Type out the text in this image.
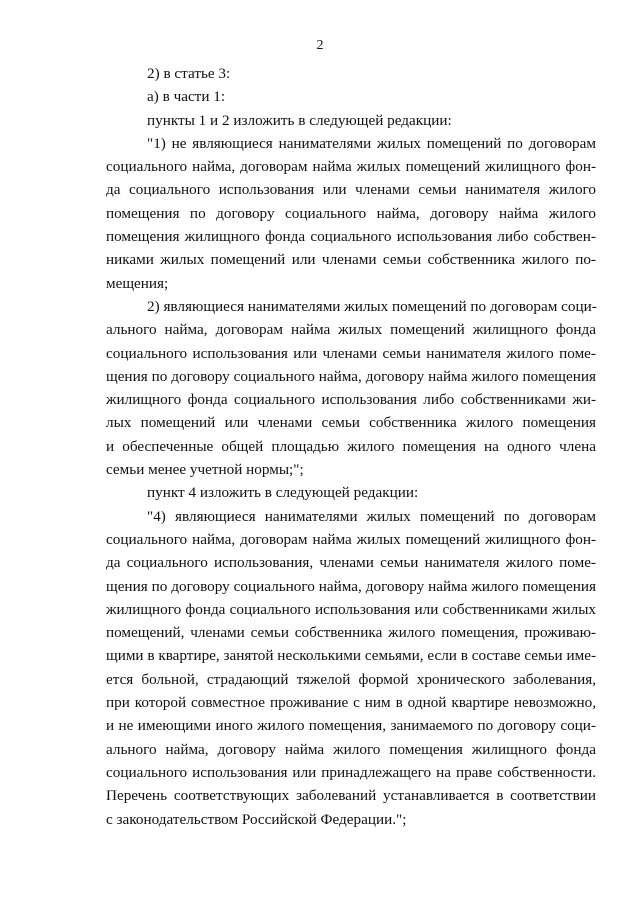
2
2) в статье 3:
а) в части 1:
пункты 1 и 2 изложить в следующей редакции:
"1) не являющиеся нанимателями жилых помещений по договорам
социального найма, договорам найма жилых помещений жилищного фон-
да социального использования или членами семьи нанимателя жилого
помещения по договору социального найма, договору найма жилого
помещения жилищного фонда социального использования либо собствен-
никами жилых помещений или членами семьи собственника жилого по-
мещения;
2) являющиеся нанимателями жилых помещений по договорам соци-
ального найма, договорам найма жилых помещений жилищного фонда
социального использования или членами семьи нанимателя жилого поме-
щения по договору социального найма, договору найма жилого помещения
жилищного фонда социального использования либо собственниками жи-
лых помещений или членами семьи собственника жилого помещения
и обеспеченные общей площадью жилого помещения на одного члена
семьи менее учетной нормы;";
пункт 4 изложить в следующей редакции:
"4) являющиеся нанимателями жилых помещений по договорам
социального найма, договорам найма жилых помещений жилищного фон-
да социального использования, членами семьи нанимателя жилого поме-
щения по договору социального найма, договору найма жилого помещения
жилищного фонда социального использования или собственниками жилых
помещений, членами семьи собственника жилого помещения, проживаю-
щими в квартире, занятой несколькими семьями, если в составе семьи име-
ется больной, страдающий тяжелой формой хронического заболевания,
при которой совместное проживание с ним в одной квартире невозможно,
и не имеющими иного жилого помещения, занимаемого по договору соци-
ального найма, договору найма жилого помещения жилищного фонда
социального использования или принадлежащего на праве собственности.
Перечень соответствующих заболеваний устанавливается в соответствии
с законодательством Российской Федерации.";
